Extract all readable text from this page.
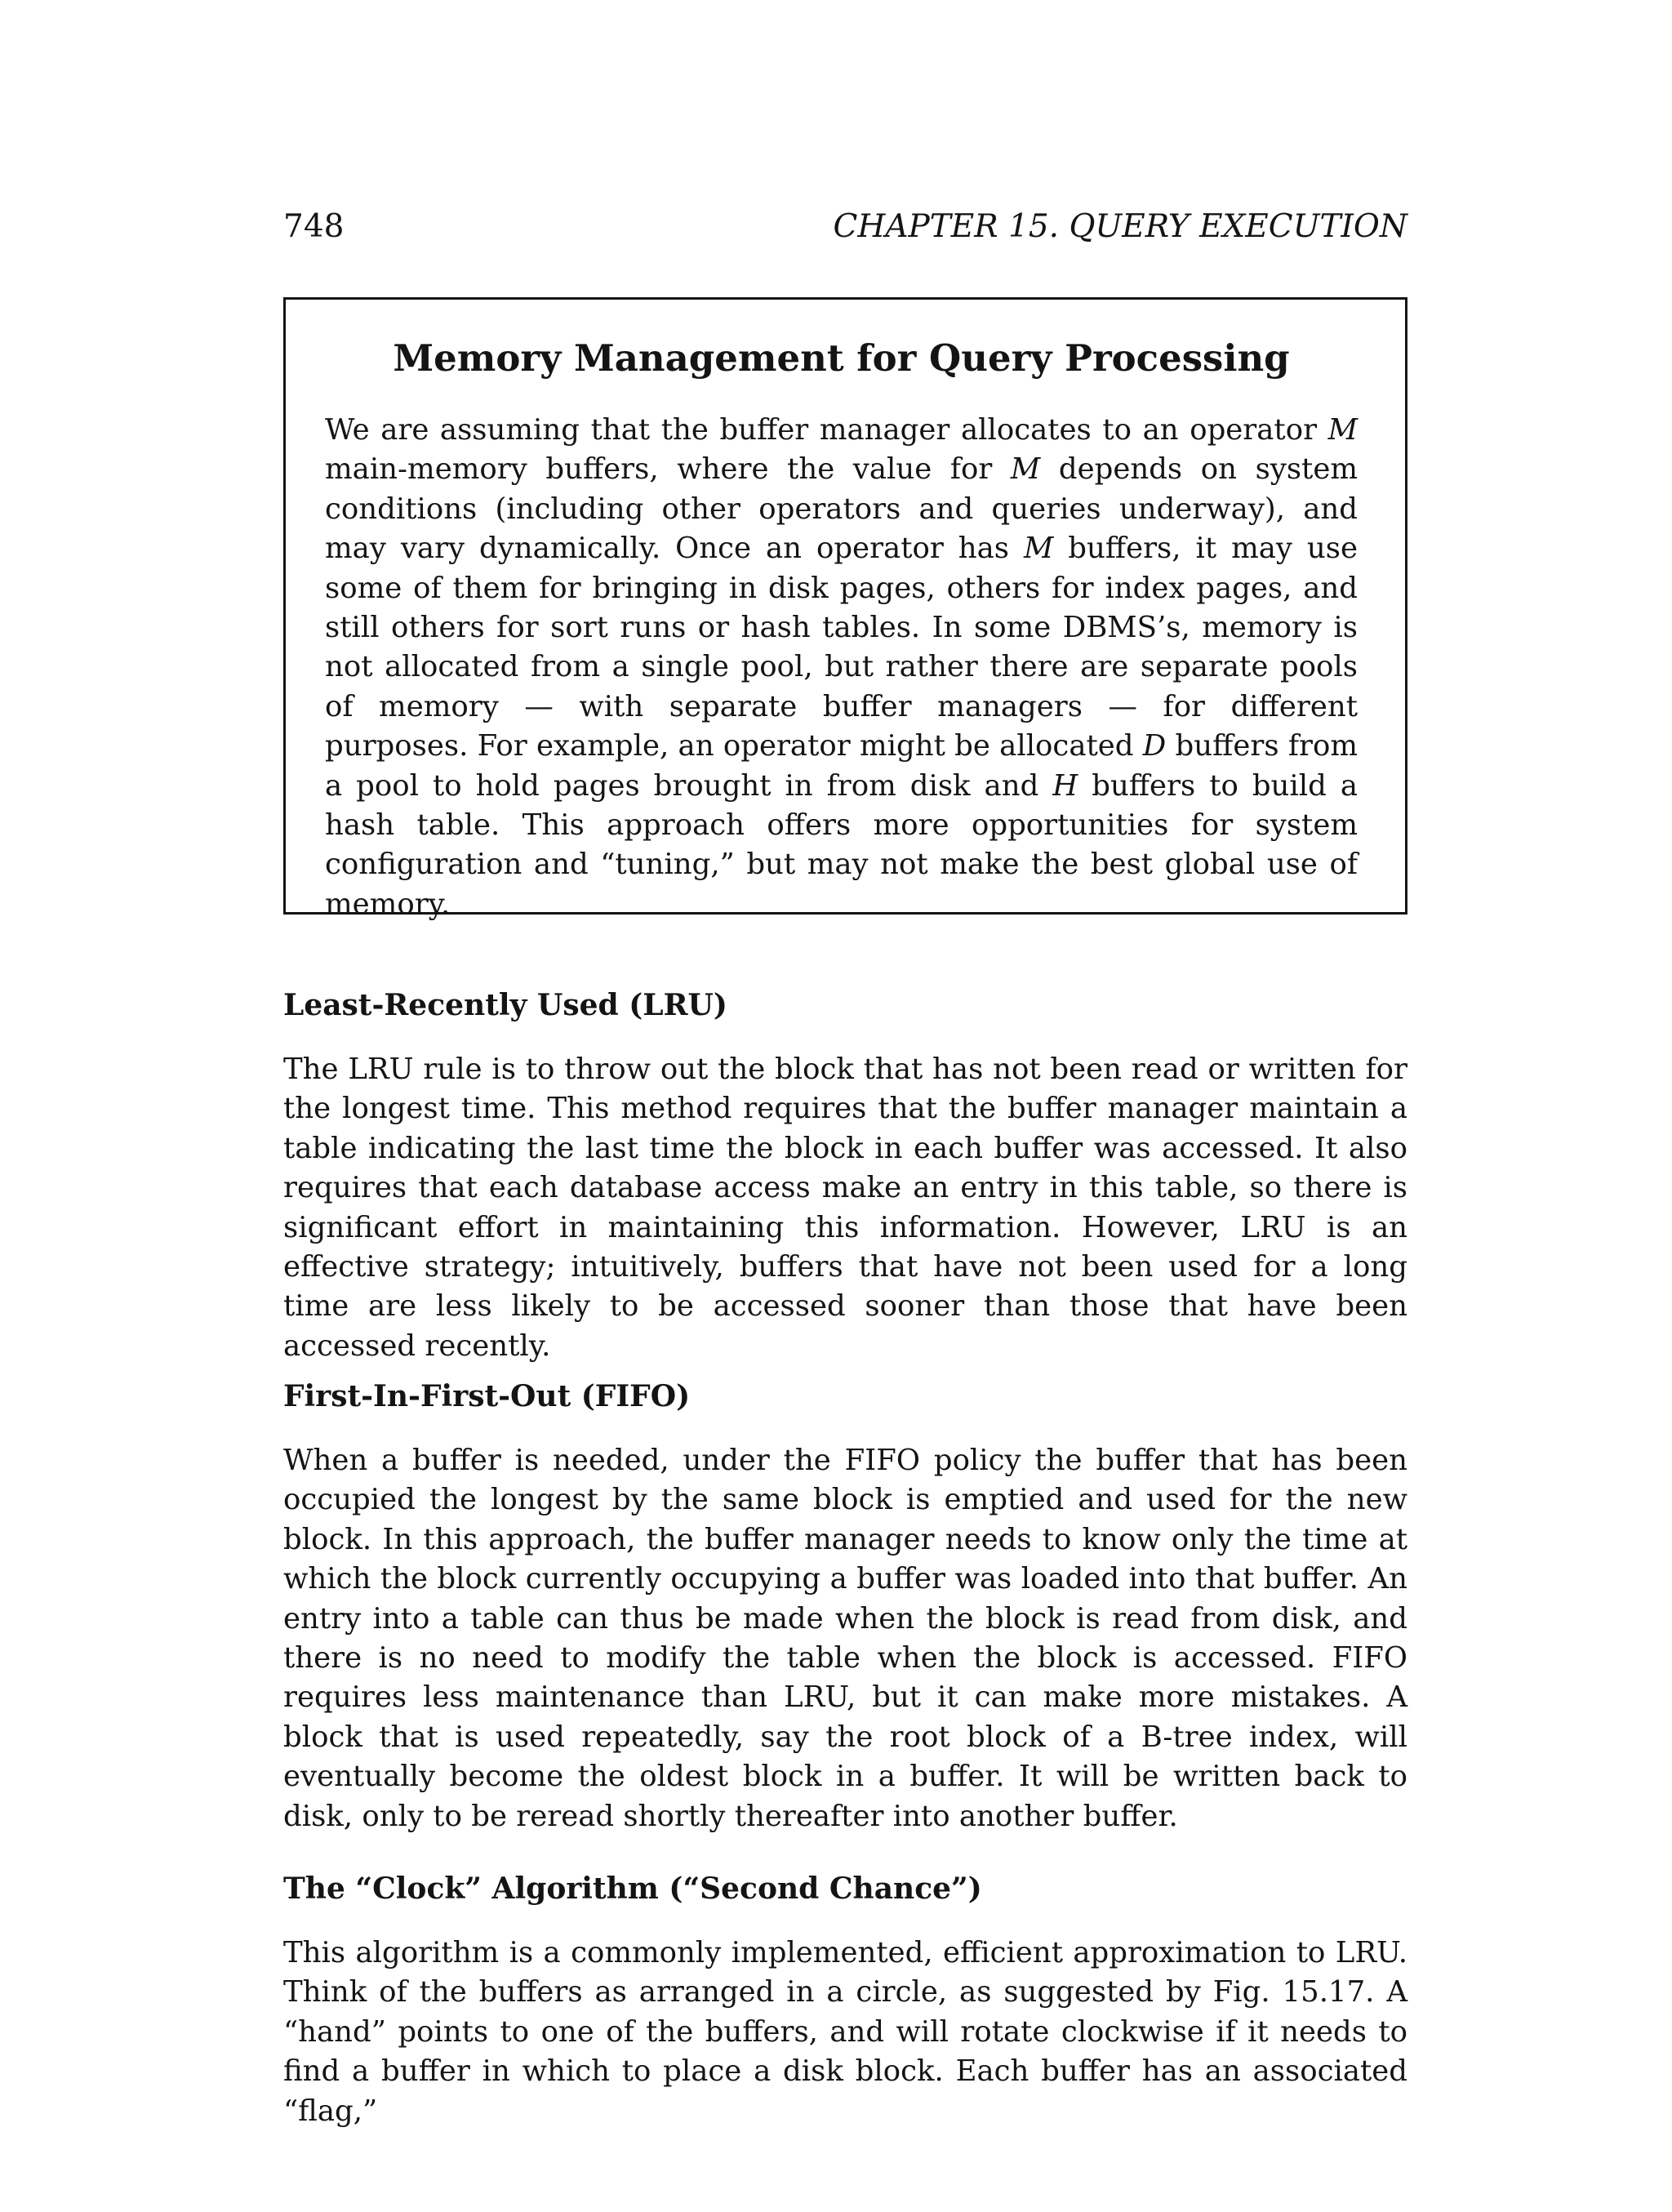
748	CHAPTER 15. QUERY EXECUTION
Memory Management for Query Processing

We are assuming that the buffer manager allocates to an operator M main-memory buffers, where the value for M depends on system conditions (including other operators and queries underway), and may vary dynamically. Once an operator has M buffers, it may use some of them for bringing in disk pages, others for index pages, and still others for sort runs or hash tables. In some DBMS’s, memory is not allocated from a single pool, but rather there are separate pools of memory — with separate buffer managers — for different purposes. For example, an operator might be allocated D buffers from a pool to hold pages brought in from disk and H buffers to build a hash table. This approach offers more opportunities for system configuration and “tuning,” but may not make the best global use of memory.

Least-Recently Used (LRU)

The LRU rule is to throw out the block that has not been read or written for the longest time. This method requires that the buffer manager maintain a table indicating the last time the block in each buffer was accessed. It also requires that each database access make an entry in this table, so there is significant effort in maintaining this information. However, LRU is an effective strategy; intuitively, buffers that have not been used for a long time are less likely to be accessed sooner than those that have been accessed recently.

First-In-First-Out (FIFO)

When a buffer is needed, under the FIFO policy the buffer that has been occupied the longest by the same block is emptied and used for the new block. In this approach, the buffer manager needs to know only the time at which the block currently occupying a buffer was loaded into that buffer. An entry into a table can thus be made when the block is read from disk, and there is no need to modify the table when the block is accessed. FIFO requires less maintenance than LRU, but it can make more mistakes. A block that is used repeatedly, say the root block of a B-tree index, will eventually become the oldest block in a buffer. It will be written back to disk, only to be reread shortly thereafter into another buffer.

The “Clock” Algorithm (“Second Chance”)

This algorithm is a commonly implemented, efficient approximation to LRU. Think of the buffers as arranged in a circle, as suggested by Fig. 15.17. A “hand” points to one of the buffers, and will rotate clockwise if it needs to find a buffer in which to place a disk block. Each buffer has an associated “flag,”
